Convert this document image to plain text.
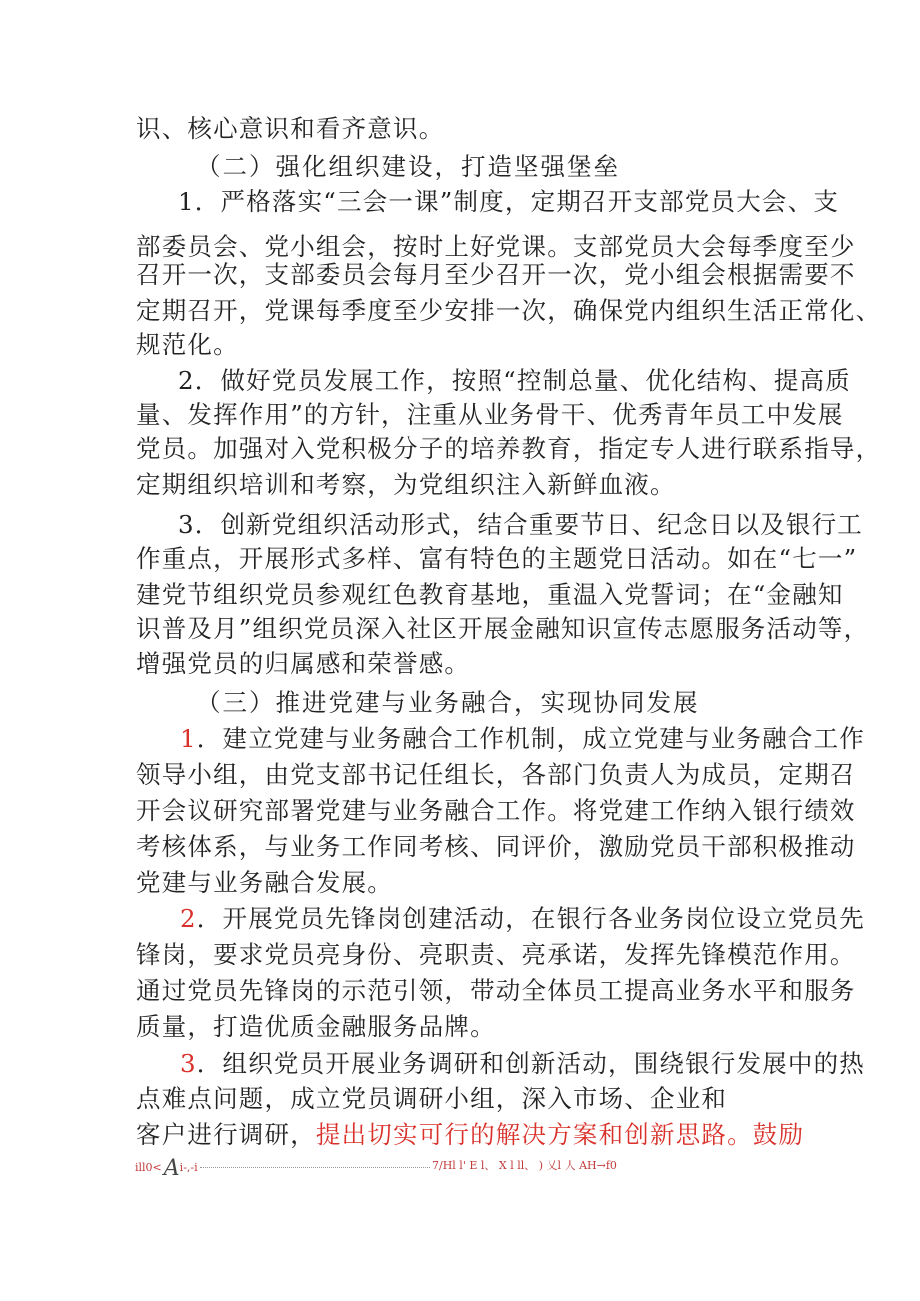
识、核心意识和看齐意识。
（二）强化组织建设，打造坚强堡垒
1．严格落实“三会一课”制度，定期召开支部党员大会、支
部委员会、党小组会，按时上好党课。支部党员大会每季度至少
召开一次，支部委员会每月至少召开一次，党小组会根据需要不
定期召开，党课每季度至少安排一次，确保党内组织生活正常化、
规范化。
2．做好党员发展工作，按照“控制总量、优化结构、提高质
量、发挥作用”的方针，注重从业务骨干、优秀青年员工中发展
党员。加强对入党积极分子的培养教育，指定专人进行联系指导，
定期组织培训和考察，为党组织注入新鲜血液。
3．创新党组织活动形式，结合重要节日、纪念日以及银行工
作重点，开展形式多样、富有特色的主题党日活动。如在“七一”
建党节组织党员参观红色教育基地，重温入党誓词；在“金融知
识普及月”组织党员深入社区开展金融知识宣传志愿服务活动等，
增强党员的归属感和荣誉感。
（三）推进党建与业务融合，实现协同发展
1．建立党建与业务融合工作机制，成立党建与业务融合工作
领导小组，由党支部书记任组长，各部门负责人为成员，定期召
开会议研究部署党建与业务融合工作。将党建工作纳入银行绩效
考核体系，与业务工作同考核、同评价，激励党员干部积极推动
党建与业务融合发展。
2．开展党员先锋岗创建活动，在银行各业务岗位设立党员先
锋岗，要求党员亮身份、亮职责、亮承诺，发挥先锋模范作用。
通过党员先锋岗的示范引领，带动全体员工提高业务水平和服务
质量，打造优质金融服务品牌。
3．组织党员开展业务调研和创新活动，围绕银行发展中的热
点难点问题，成立党员调研小组，深入市场、企业和
客户进行调研，提出切实可行的解决方案和创新思路。鼓励
ill0<Ai-,-i	7/Hl l' E l、 X l ll、 ) 乂l 人 AH→f0
